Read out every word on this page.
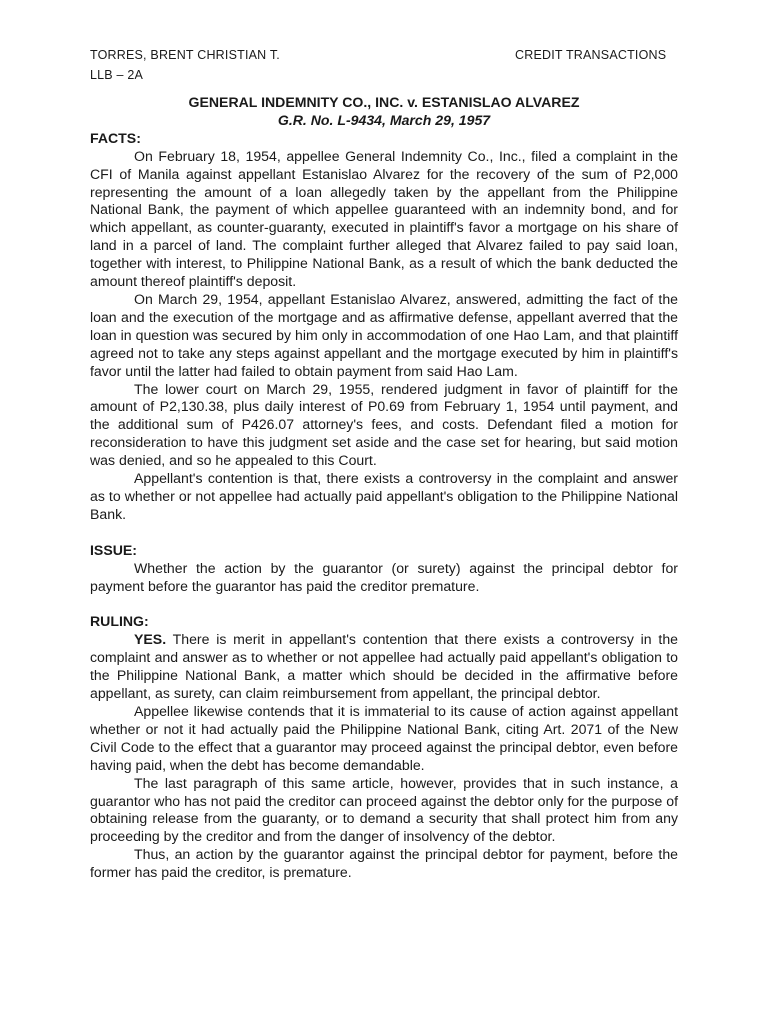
TORRES, BRENT CHRISTIAN T.
LLB – 2A
CREDIT TRANSACTIONS
GENERAL INDEMNITY CO., INC. v. ESTANISLAO ALVAREZ
G.R. No. L-9434, March 29, 1957
FACTS:

On February 18, 1954, appellee General Indemnity Co., Inc., filed a complaint in the CFI of Manila against appellant Estanislao Alvarez for the recovery of the sum of P2,000 representing the amount of a loan allegedly taken by the appellant from the Philippine National Bank, the payment of which appellee guaranteed with an indemnity bond, and for which appellant, as counter-guaranty, executed in plaintiff's favor a mortgage on his share of land in a parcel of land. The complaint further alleged that Alvarez failed to pay said loan, together with interest, to Philippine National Bank, as a result of which the bank deducted the amount thereof plaintiff's deposit.

On March 29, 1954, appellant Estanislao Alvarez, answered, admitting the fact of the loan and the execution of the mortgage and as affirmative defense, appellant averred that the loan in question was secured by him only in accommodation of one Hao Lam, and that plaintiff agreed not to take any steps against appellant and the mortgage executed by him in plaintiff's favor until the latter had failed to obtain payment from said Hao Lam.

The lower court on March 29, 1955, rendered judgment in favor of plaintiff for the amount of P2,130.38, plus daily interest of P0.69 from February 1, 1954 until payment, and the additional sum of P426.07 attorney's fees, and costs. Defendant filed a motion for reconsideration to have this judgment set aside and the case set for hearing, but said motion was denied, and so he appealed to this Court.

Appellant's contention is that, there exists a controversy in the complaint and answer as to whether or not appellee had actually paid appellant's obligation to the Philippine National Bank.

ISSUE:

Whether the action by the guarantor (or surety) against the principal debtor for payment before the guarantor has paid the creditor premature.

RULING:

YES. There is merit in appellant's contention that there exists a controversy in the complaint and answer as to whether or not appellee had actually paid appellant's obligation to the Philippine National Bank, a matter which should be decided in the affirmative before appellant, as surety, can claim reimbursement from appellant, the principal debtor.

Appellee likewise contends that it is immaterial to its cause of action against appellant whether or not it had actually paid the Philippine National Bank, citing Art. 2071 of the New Civil Code to the effect that a guarantor may proceed against the principal debtor, even before having paid, when the debt has become demandable.

The last paragraph of this same article, however, provides that in such instance, a guarantor who has not paid the creditor can proceed against the debtor only for the purpose of obtaining release from the guaranty, or to demand a security that shall protect him from any proceeding by the creditor and from the danger of insolvency of the debtor.

Thus, an action by the guarantor against the principal debtor for payment, before the former has paid the creditor, is premature.
